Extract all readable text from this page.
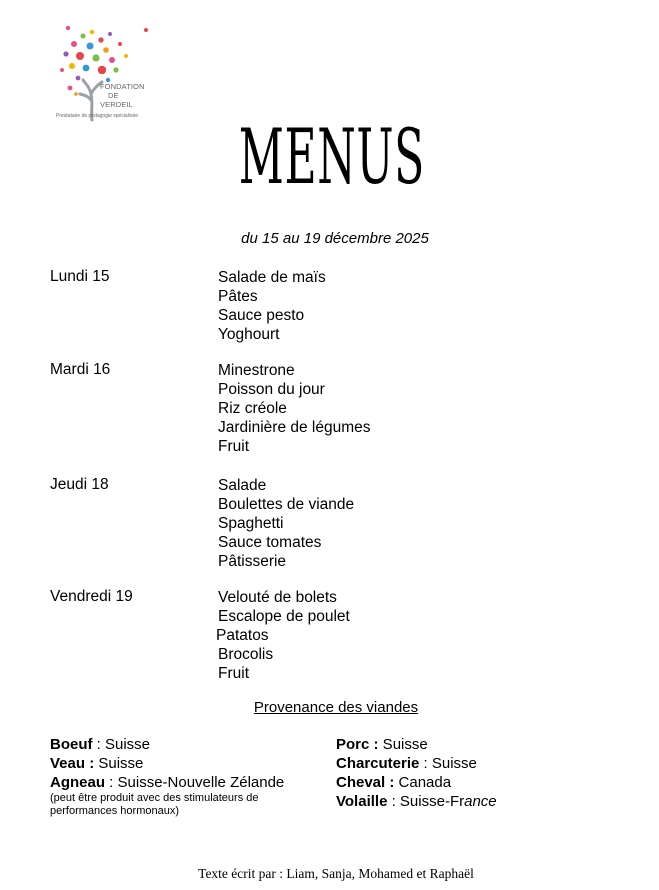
FONDATION
DE
VERDEIL
Prestataire de pédagogie spécialisée	MENUS
du 15 au 19 décembre 2025
Lundi 15	Salade de maïs
Pâtes
Sauce pesto
Yoghourt
Mardi 16	Minestrone
Poisson du jour
Riz créole
Jardinière de légumes
Fruit
Jeudi 18	Salade
Boulettes de viande
Spaghetti
Sauce tomates
Pâtisserie
Vendredi 19	Velouté de bolets
Escalope de poulet
Patatos
Brocolis
Fruit
Provenance des viandes
Boeuf : Suisse
Veau : Suisse
Agneau : Suisse-Nouvelle Zélande
(peut être produit avec des stimulateurs de performances hormonaux)
Porc : Suisse
Charcuterie : Suisse
Cheval : Canada
Volaille : Suisse-France
Texte écrit par : Liam, Sanja, Mohamed et Raphaël
